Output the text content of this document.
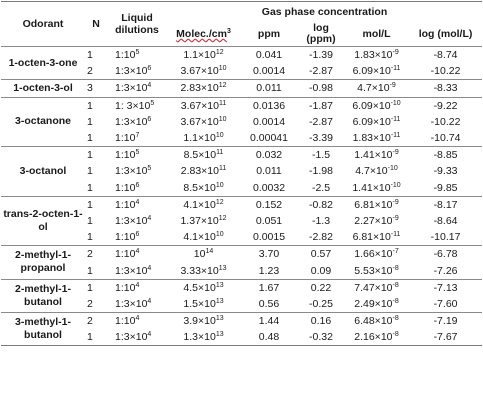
Odorant	N	Liquid dilutions	Gas phase concentration				
			$Molec./cm^3$	ppm	log (ppm)	mol/L	log (mol/L)
1-octen-3-one	1	$1:10^5$	$1.1\times 10^{12}$	0.041	-1.39	$1.83\times 10^{-9}$	-8.74
	2	$1:3\times 10^6$	$3.67\times 10^{10}$	0.0014	-2.87	$6.09\times 10^{-11}$	-10.22
1-octen-3-ol	3	$1:3\times 10^4$	$2.83\times 10^{12}$	0.011	-0.98	$4.7\times 10^{-9}$	-8.33
3-octanone	1	1: $3\times 10^5$	$3.67\times 10^{11}$	0.0136	-1.87	$6.09\times 10^{-10}$	-9.22
	1	$1:3\times 10^6$	$3.67\times 10^{10}$	0.0014	-2.87	$6.09\times 10^{-11}$	-10.22
	1	$1:10^7$	$1.1\times 10^{10}$	0.00041	-3.39	$1.83\times 10^{-11}$	-10.74
3-octanol	1	$1:10^5$	$8.5\times 10^{11}$	0.032	-1.5	$1.41\times 10^{-9}$	-8.85
	1	$1:3\times 10^5$	$2.83\times 10^{11}$	0.011	-1.98	$4.7\times 10^{-10}$	-9.33
	1	$1:10^6$	$8.5\times 10^{10}$	0.0032	-2.5	$1.41\times 10^{-10}$	-9.85
trans-2-octen-1-ol	1	$1:10^4$	$4.1\times 10^{12}$	0.152	-0.82	$6.81\times 10^{-9}$	-8.17
	1	$1:3\times 10^4$	$1.37\times 10^{12}$	0.051	-1.3	$2.27\times 10^{-9}$	-8.64
	1	$1:10^6$	$4.1\times 10^{10}$	0.0015	-2.82	$6.81\times 10^{-11}$	-10.17
2-methyl-1-propanol	2	$1:10^4$	$10^{14}$	3.70	0.57	$1.66\times 10^{-7}$	-6.78
	1	$1:3\times 10^4$	$3.33\times 10^{13}$	1.23	0.09	$5.53\times 10^{-8}$	-7.26
2-methyl-1-butanol	1	$1:10^4$	$4.5\times 10^{13}$	1.67	0.22	$7.47\times 10^{-8}$	-7.13
	2	$1:3\times 10^4$	$1.5\times 10^{13}$	0.56	-0.25	$2.49\times 10^{-8}$	-7.60
3-methyl-1-butanol	2	$1:10^4$	$3.9\times 10^{13}$	1.44	0.16	$6.48\times 10^{-8}$	-7.19
	1	$1:3\times 10^4$	$1.3\times 10^{13}$	0.48	-0.32	$2.16\times 10^{-8}$	-7.67
